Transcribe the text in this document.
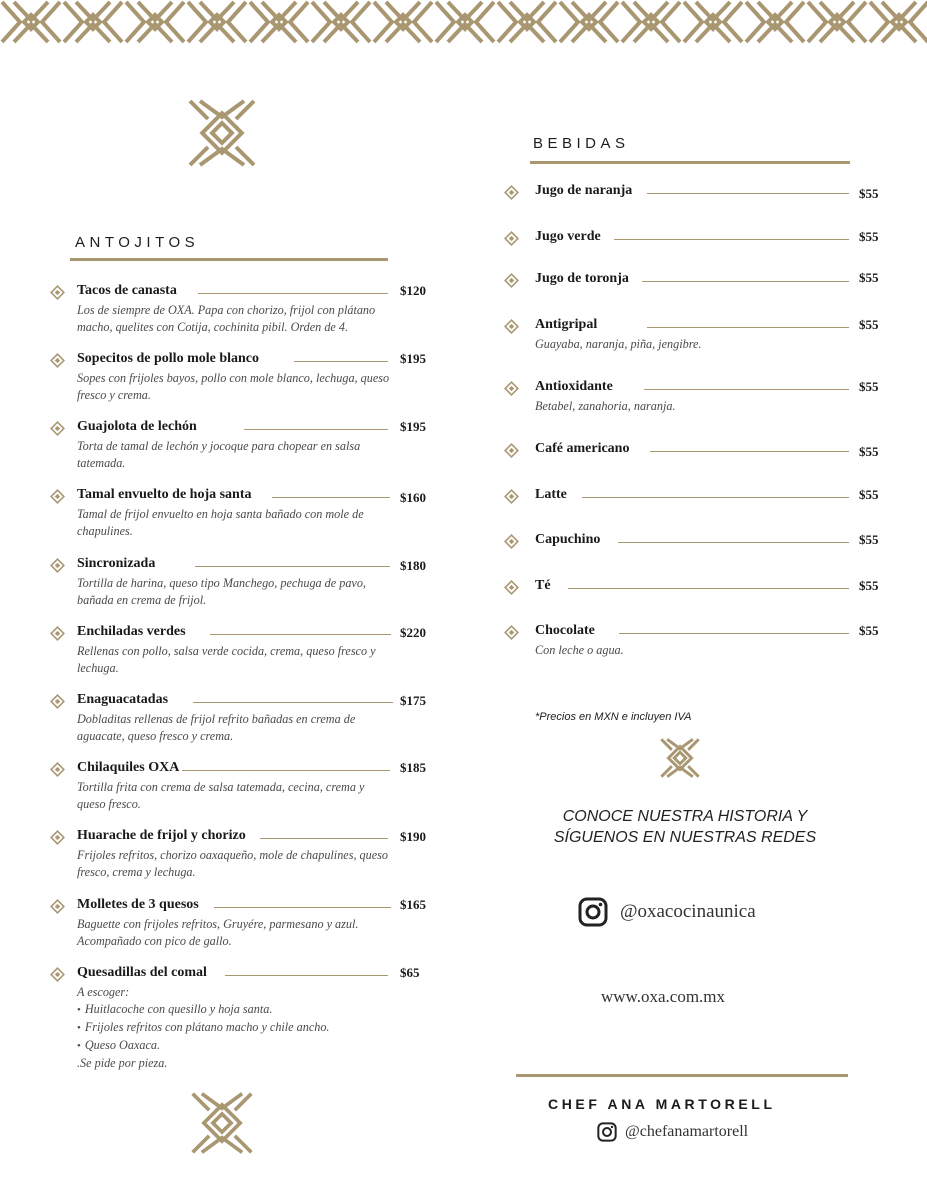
ANTOJITOS
Tacos de canasta	$120
Los de siempre de OXA. Papa con chorizo, frijol con plátano
macho, quelites con Cotija, cochinita pibil. Orden de 4.
Sopecitos de pollo mole blanco	$195
Sopes con frijoles bayos, pollo con mole blanco, lechuga, queso
fresco y crema.
Guajolota de lechón	$195
Torta de tamal de lechón y jocoque para chopear en salsa
tatemada.
Tamal envuelto de hoja santa	$160
Tamal de frijol envuelto en hoja santa bañado con mole de
chapulines.
Sincronizada	$180
Tortilla de harina, queso tipo Manchego, pechuga de pavo,
bañada en crema de frijol.
Enchiladas verdes	$220
Rellenas con pollo, salsa verde cocida, crema, queso fresco y
lechuga.
Enaguacatadas	$175
Dobladitas rellenas de frijol refrito bañadas en crema de
aguacate, queso fresco y crema.
Chilaquiles OXA	$185
Tortilla frita con crema de salsa tatemada, cecina, crema y
queso fresco.
Huarache de frijol y chorizo	$190
Frijoles refritos, chorizo oaxaqueño, mole de chapulines, queso
fresco, crema y lechuga.
Molletes de 3 quesos	$165
Baguette con frijoles refritos, Gruyére, parmesano y azul.
Acompañado con pico de gallo.
Quesadillas del comal	$65
A escoger:
• Huitlacoche con quesillo y hoja santa.
• Frijoles refritos con plátano macho y chile ancho.
• Queso Oaxaca.
.Se pide por pieza.
BEBIDAS
Jugo de naranja	$55
Jugo verde	$55
Jugo de toronja	$55
Antigripal	$55
Guayaba, naranja, piña, jengibre.
Antioxidante	$55
Betabel, zanahoria, naranja.
Café americano	$55
Latte	$55
Capuchino	$55
Té	$55
Chocolate	$55
Con leche o agua.
*Precios en MXN e incluyen IVA
CONOCE NUESTRA HISTORIA Y
SÍGUENOS EN NUESTRAS REDES
@oxacocinaunica
www.oxa.com.mx
CHEF ANA MARTORELL
@chefanamartorell
